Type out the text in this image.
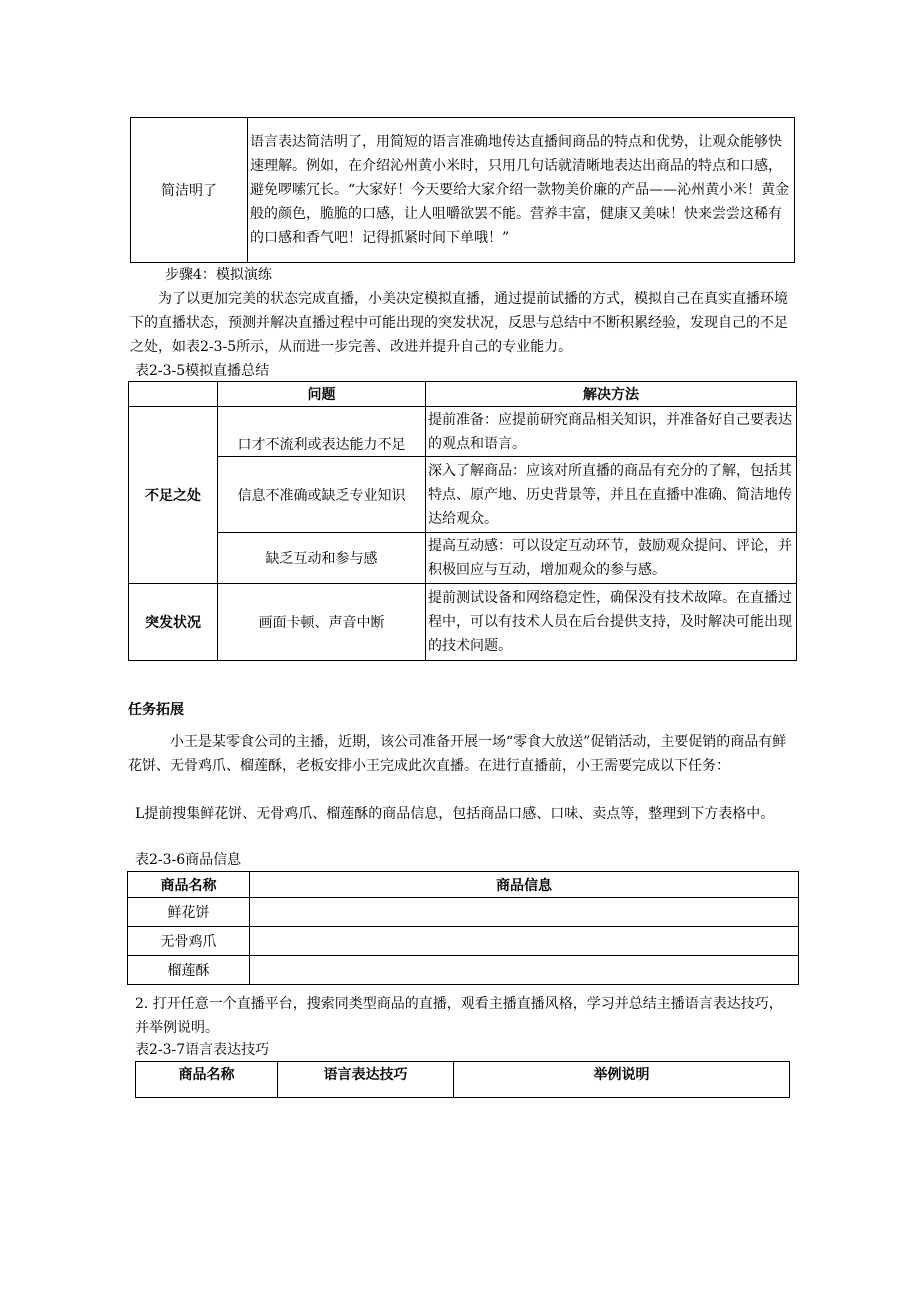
简洁明了	语言表达简洁明了，用简短的语言准确地传达直播间商品的特点和优势，让观众能够快速理解。例如，在介绍沁州黄小米时，只用几句话就清晰地表达出商品的特点和口感，避免啰嗦冗长。“大家好！今天要给大家介绍一款物美价廉的产品——沁州黄小米！黄金般的颜色，脆脆的口感，让人咀嚼欲罢不能。营养丰富，健康又美味！快来尝尝这稀有的口感和香气吧！记得抓紧时间下单哦！”
步骤4：模拟演练
为了以更加完美的状态完成直播，小美决定模拟直播，通过提前试播的方式，模拟自己在真实直播环境下的直播状态，预测并解决直播过程中可能出现的突发状况，反思与总结中不断积累经验，发现自己的不足之处，如表2-3-5所示，从而进一步完善、改进并提升自己的专业能力。
表2-3-5模拟直播总结
	问题	解决方法
不足之处	口才不流利或表达能力不足	提前准备：应提前研究商品相关知识，并准备好自己要表达的观点和语言。
	信息不准确或缺乏专业知识	深入了解商品：应该对所直播的商品有充分的了解，包括其特点、原产地、历史背景等，并且在直播中准确、简洁地传达给观众。
	缺乏互动和参与感	提高互动感：可以设定互动环节，鼓励观众提问、评论，并积极回应与互动，增加观众的参与感。
突发状况	画面卡顿、声音中断	提前测试设备和网络稳定性，确保没有技术故障。在直播过程中，可以有技术人员在后台提供支持，及时解决可能出现的技术问题。
任务拓展
小王是某零食公司的主播，近期，该公司准备开展一场“零食大放送”促销活动，主要促销的商品有鲜花饼、无骨鸡爪、榴莲酥，老板安排小王完成此次直播。在进行直播前，小王需要完成以下任务：
L提前搜集鲜花饼、无骨鸡爪、榴莲酥的商品信息，包括商品口感、口味、卖点等，整理到下方表格中。
表2-3-6商品信息
商品名称	商品信息
鲜花饼	
无骨鸡爪	
榴莲酥	
2. 打开任意一个直播平台，搜索同类型商品的直播，观看主播直播风格，学习并总结主播语言表达技巧，并举例说明。
表2-3-7语言表达技巧
商品名称	语言表达技巧	举例说明
